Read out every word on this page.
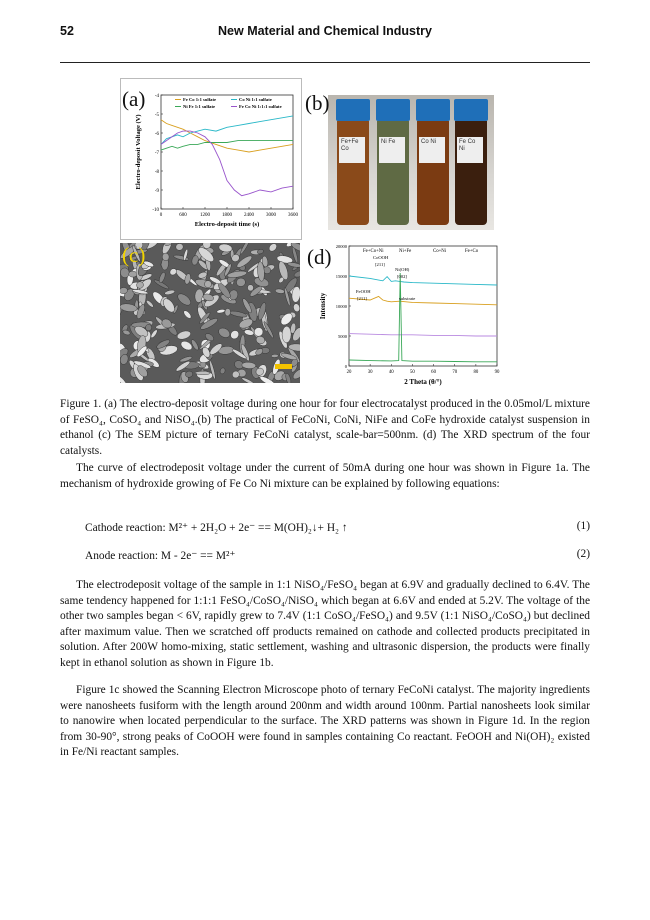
52	New Material and Chemical Industry
0	600	1200 1800 2400 3000 3600
-4
-5
-6
-7
-8
-9
-10
Electro-deposit time (s)
Electro-deposit Voltage (V)
Fe Co 1:1 sulfate	Co Ni 1:1 sulfate
Ni Fe 1:1 sulfate	Fe Co Ni 1:1:1 sulfate
(a)
Fe+Fe Co
Ni Fe	Co Ni	Fe Co Ni
(b)
(c)
20	30	40	50	60	70	80	90
0
5000
10000
15000
20000
2 Theta (θ/°)
Intensity
Fe+Co+Ni	Ni+Fe	Co+Ni	Fe+Co
CoOOH
[211]
Ni(OH)
[002]
FeOOH
[211]	substrate
(d)

Figure 1. (a) The electro-deposit voltage during one hour for four electrocatalyst produced in the 0.05mol/L mixture of FeSO₄, CoSO₄ and NiSO₄.(b) The practical of FeCoNi, CoNi, NiFe and CoFe hydroxide catalyst suspension in ethanol (c) The SEM picture of ternary FeCoNi catalyst, scale-bar=500nm. (d) The XRD spectrum of the four catalysts.

The curve of electrodeposit voltage under the current of 50mA during one hour was shown in Figure 1a. The mechanism of hydroxide growing of Fe Co Ni mixture can be explained by following equations:

Cathode reaction: M²⁺ + 2H₂O + 2e⁻ == M(OH)₂↓+ H₂ ↑	(1)
Anode reaction: M - 2e⁻ == M²⁺	(2)

The electrodeposit voltage of the sample in 1:1 NiSO₄/FeSO₄ began at 6.9V and gradually declined to 6.4V. The same tendency happened for 1:1:1 FeSO₄/CoSO₄/NiSO₄ which began at 6.6V and ended at 5.2V. The voltage of the other two samples began < 6V, rapidly grew to 7.4V (1:1 CoSO₄/FeSO₄) and 9.5V (1:1 NiSO₄/CoSO₄) but declined after maximum value. Then we scratched off products remained on cathode and collected products precipitated in solution. After 200W homo-mixing, static settlement, washing and ultrasonic dispersion, the products were finally kept in ethanol solution as shown in Figure 1b.

Figure 1c showed the Scanning Electron Microscope photo of ternary FeCoNi catalyst. The majority ingredients were nanosheets fusiform with the length around 200nm and width around 100nm. Partial nanosheets look similar to nanowire when located perpendicular to the surface. The XRD patterns was shown in Figure 1d. In the region from 30-90°, strong peaks of CoOOH were found in samples containing Co reactant. FeOOH and Ni(OH)₂ existed in Fe/Ni reactant samples.
